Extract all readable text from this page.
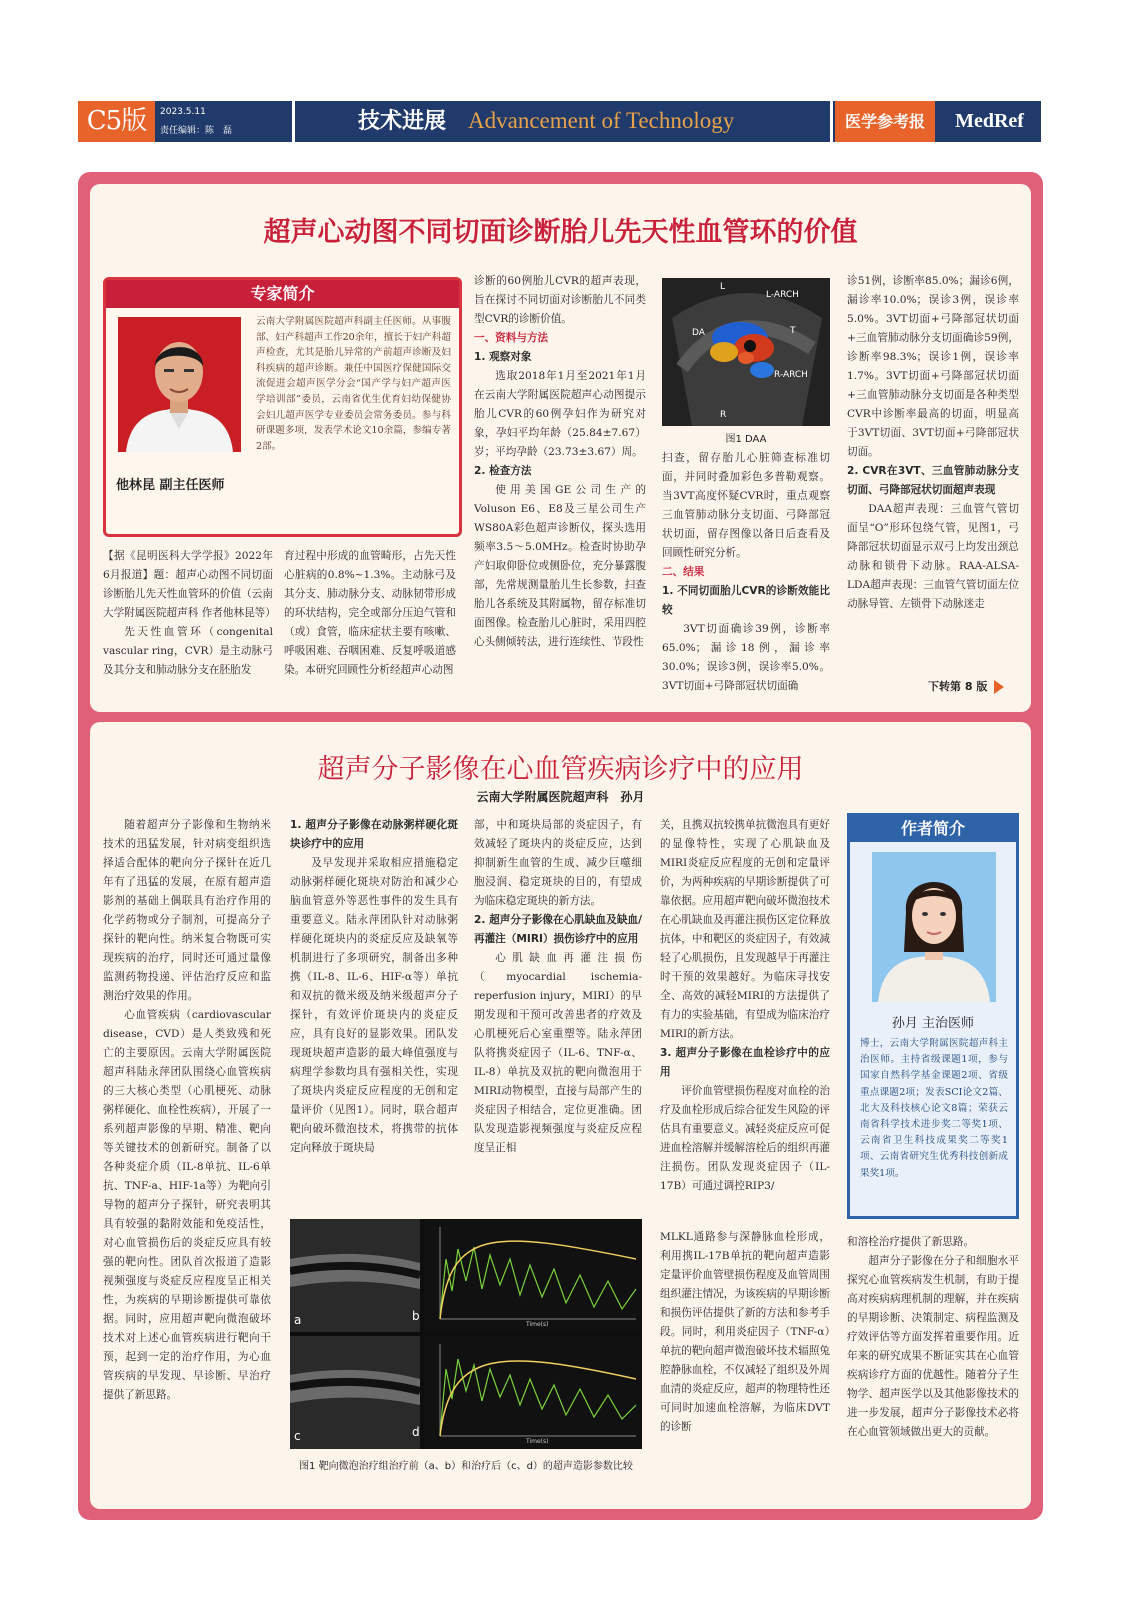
C5版	2023.5.11
责任编辑：陈　磊	技术进展 Advancement of Technology	医学参考报	MedRef
超声心动图不同切面诊断胎儿先天性血管环的价值
专家简介
他林昆 副主任医师
云南大学附属医院超声科副主任医师。从事腹部、妇产科超声工作20余年，擅长于妇产科超声检查，尤其是胎儿异常的产前超声诊断及妇科疾病的超声诊断。兼任中国医疗保健国际交流促进会超声医学分会“国产学与妇产超声医学培训部”委员，云南省优生优育妇幼保健协会妇儿超声医学专业委员会常务委员。参与科研课题多项，发表学术论文10余篇，参编专著2部。

【据《昆明医科大学学报》2022年6月报道】题：超声心动图不同切面诊断胎儿先天性血管环的价值（云南大学附属医院超声科 作者他林昆等）

先天性血管环（congenital vascular ring，CVR）是主动脉弓及其分支和肺动脉分支在胚胎发

育过程中形成的血管畸形，占先天性心脏病的0.8%~1.3%。主动脉弓及其分支、肺动脉分支、动脉韧带形成的环状结构，完全或部分压迫气管和（或）食管，临床症状主要有咳嗽、呼吸困难、吞咽困难、反复呼吸道感染。本研究回顾性分析经超声心动图

诊断的60例胎儿CVR的超声表现，旨在探讨不同切面对诊断胎儿不同类型CVR的诊断价值。

一、资料与方法

1. 观察对象

选取2018年1月至2021年1月在云南大学附属医院超声心动图提示胎儿CVR的60例孕妇作为研究对象，孕妇平均年龄（25.84±7.67）岁；平均孕龄（23.73±3.67）周。

2. 检查方法

使用美国GE公司生产的Voluson E6、E8及三星公司生产WS80A彩色超声诊断仪，探头选用频率3.5～5.0MHz。检查时协助孕产妇取仰卧位或侧卧位，充分暴露腹部，先常规测量胎儿生长参数，扫查胎儿各系统及其附属物，留存标准切面图像。检查胎儿心脏时，采用四腔心头侧倾转法，进行连续性、节段性

L-ARCH
DA	T
R-ARCH
L
R
图1 DAA

扫查，留存胎儿心脏筛查标准切面，并同时叠加彩色多普勒观察。当3VT高度怀疑CVR时，重点观察三血管肺动脉分支切面、弓降部冠状切面，留存图像以备日后查看及回顾性研究分析。

二、结果

1. 不同切面胎儿CVR的诊断效能比较

3VT切面确诊39例，诊断率65.0%；漏诊18例，漏诊率30.0%；误诊3例，误诊率5.0%。3VT切面+弓降部冠状切面确

诊51例，诊断率85.0%；漏诊6例，漏诊率10.0%；误诊3例，误诊率5.0%。3VT切面+弓降部冠状切面+三血管肺动脉分支切面确诊59例，诊断率98.3%；误诊1例，误诊率1.7%。3VT切面+弓降部冠状切面+三血管肺动脉分支切面是各种类型CVR中诊断率最高的切面，明显高于3VT切面、3VT切面+弓降部冠状切面。

2. CVR在3VT、三血管肺动脉分支切面、弓降部冠状切面超声表现

DAA超声表现：三血管气管切面呈“O”形环包绕气管，见图1，弓降部冠状切面显示双弓上均发出颈总动脉和锁骨下动脉。RAA-ALSA-LDA超声表现：三血管气管切面左位动脉导管、左锁骨下动脉迷走

下转第 8 版
超声分子影像在心血管疾病诊疗中的应用
云南大学附属医院超声科　孙月

随着超声分子影像和生物纳米技术的迅猛发展，针对病变组织选择适合配体的靶向分子探针在近几年有了迅猛的发展，在原有超声造影剂的基础上偶联具有治疗作用的化学药物或分子制剂，可提高分子探针的靶向性。纳米复合物既可实现疾病的治疗，同时还可通过量像监测药物投递、评估治疗反应和监测治疗效果的作用。

心血管疾病（cardiovascular disease，CVD）是人类致残和死亡的主要原因。云南大学附属医院超声科陆永萍团队围绕心血管疾病的三大核心类型（心肌梗死、动脉粥样硬化、血栓性疾病），开展了一系列超声影像的早期、精准、靶向等关键技术的创新研究。制备了以各种炎症介质（IL-8单抗、IL-6单抗、TNF-a、HIF-1a等）为靶向引导物的超声分子探针，研究表明其具有较强的黏附效能和免疫活性，对心血管损伤后的炎症反应具有较强的靶向性。团队首次报道了造影视频强度与炎症反应程度呈正相关性，为疾病的早期诊断提供可靠依据。同时，应用超声靶向微泡破坏技术对上述心血管疾病进行靶向干预，起到一定的治疗作用，为心血管疾病的早发现、早诊断、早治疗提供了新思路。

1. 超声分子影像在动脉粥样硬化斑块诊疗中的应用

及早发现并采取相应措施稳定动脉粥样硬化斑块对防治和减少心脑血管意外等恶性事件的发生具有重要意义。陆永萍团队针对动脉粥样硬化斑块内的炎症反应及缺氧等机制进行了多项研究，制备出多种携（IL-8、IL-6、HIF-α等）单抗和双抗的微米级及纳米级超声分子探针，有效评价斑块内的炎症反应，具有良好的显影效果。团队发现斑块超声造影的最大峰值强度与病理学参数均具有强相关性，实现了斑块内炎症反应程度的无创和定量评价（见图1）。同时，联合超声靶向破坏微泡技术，将携带的抗体定向释放于斑块局

部，中和斑块局部的炎症因子，有效减轻了斑块内的炎症反应，达到抑制新生血管的生成、减少巨噬细胞浸润、稳定斑块的目的，有望成为临床稳定斑块的新方法。

2. 超声分子影像在心肌缺血及缺血/再灌注（MIRI）损伤诊疗中的应用

心肌缺血再灌注损伤（myocardial ischemia-reperfusion injury，MIRI）的早期发现和干预可改善患者的疗效及心肌梗死后心室重塑等。陆永萍团队将携炎症因子（IL-6、TNF-α、IL-8）单抗及双抗的靶向微泡用于MIRI动物模型，直接与局部产生的炎症因子相结合，定位更准确。团队发现造影视频强度与炎症反应程度呈正相

关，且携双抗较携单抗微泡具有更好的显像特性，实现了心肌缺血及MIRI炎症反应程度的无创和定量评价，为两种疾病的早期诊断提供了可靠依据。应用超声靶向破坏微泡技术在心肌缺血及再灌注损伤区定位释放抗体，中和靶区的炎症因子，有效减轻了心肌损伤，且发现越早于再灌注时干预的效果越好。为临床寻找安全、高效的减轻MIRI的方法提供了有力的实验基础，有望成为临床治疗MIRI的新方法。

3. 超声分子影像在血栓诊疗中的应用

评价血管壁损伤程度对血栓的治疗及血栓形成后综合征发生风险的评估具有重要意义。减轻炎症反应可促进血栓溶解并缓解溶栓后的组织再灌注损伤。团队发现炎症因子（IL-17B）可通过调控RIP3/

MLKL通路参与深静脉血栓形成，利用携IL-17B单抗的靶向超声造影定量评价血管壁损伤程度及血管周围组织灌注情况，为该疾病的早期诊断和损伤评估提供了新的方法和参考手段。同时，利用炎症因子（TNF-α）单抗的靶向超声微泡破坏技术辐照兔腔静脉血栓，不仅减轻了组织及外周血清的炎症反应，超声的物理特性还可同时加速血栓溶解，为临床DVT的诊断

和溶栓治疗提供了新思路。

超声分子影像在分子和细胞水平探究心血管疾病发生机制，有助于提高对疾病病理机制的理解，并在疾病的早期诊断、决策制定、病程监测及疗效评估等方面发挥着重要作用。近年来的研究成果不断证实其在心血管疾病诊疗方面的优越性。随着分子生物学、超声医学以及其他影像技术的进一步发展，超声分子影像技术必将在心血管领域做出更大的贡献。

作者简介
孙月 主治医师
博士，云南大学附属医院超声科主治医师。主持省级课题1项，参与国家自然科学基金课题2项、省级重点课题2项；发表SCI论文2篇、北大及科技核心论文8篇；荣获云南省科学技术进步奖二等奖1项、云南省卫生科技成果奖二等奖1项、云南省研究生优秀科技创新成果奖1项。
a	b
c	d
Time(s)
Time(s)
图1 靶向微泡治疗组治疗前（a、b）和治疗后（c、d）的超声造影参数比较
